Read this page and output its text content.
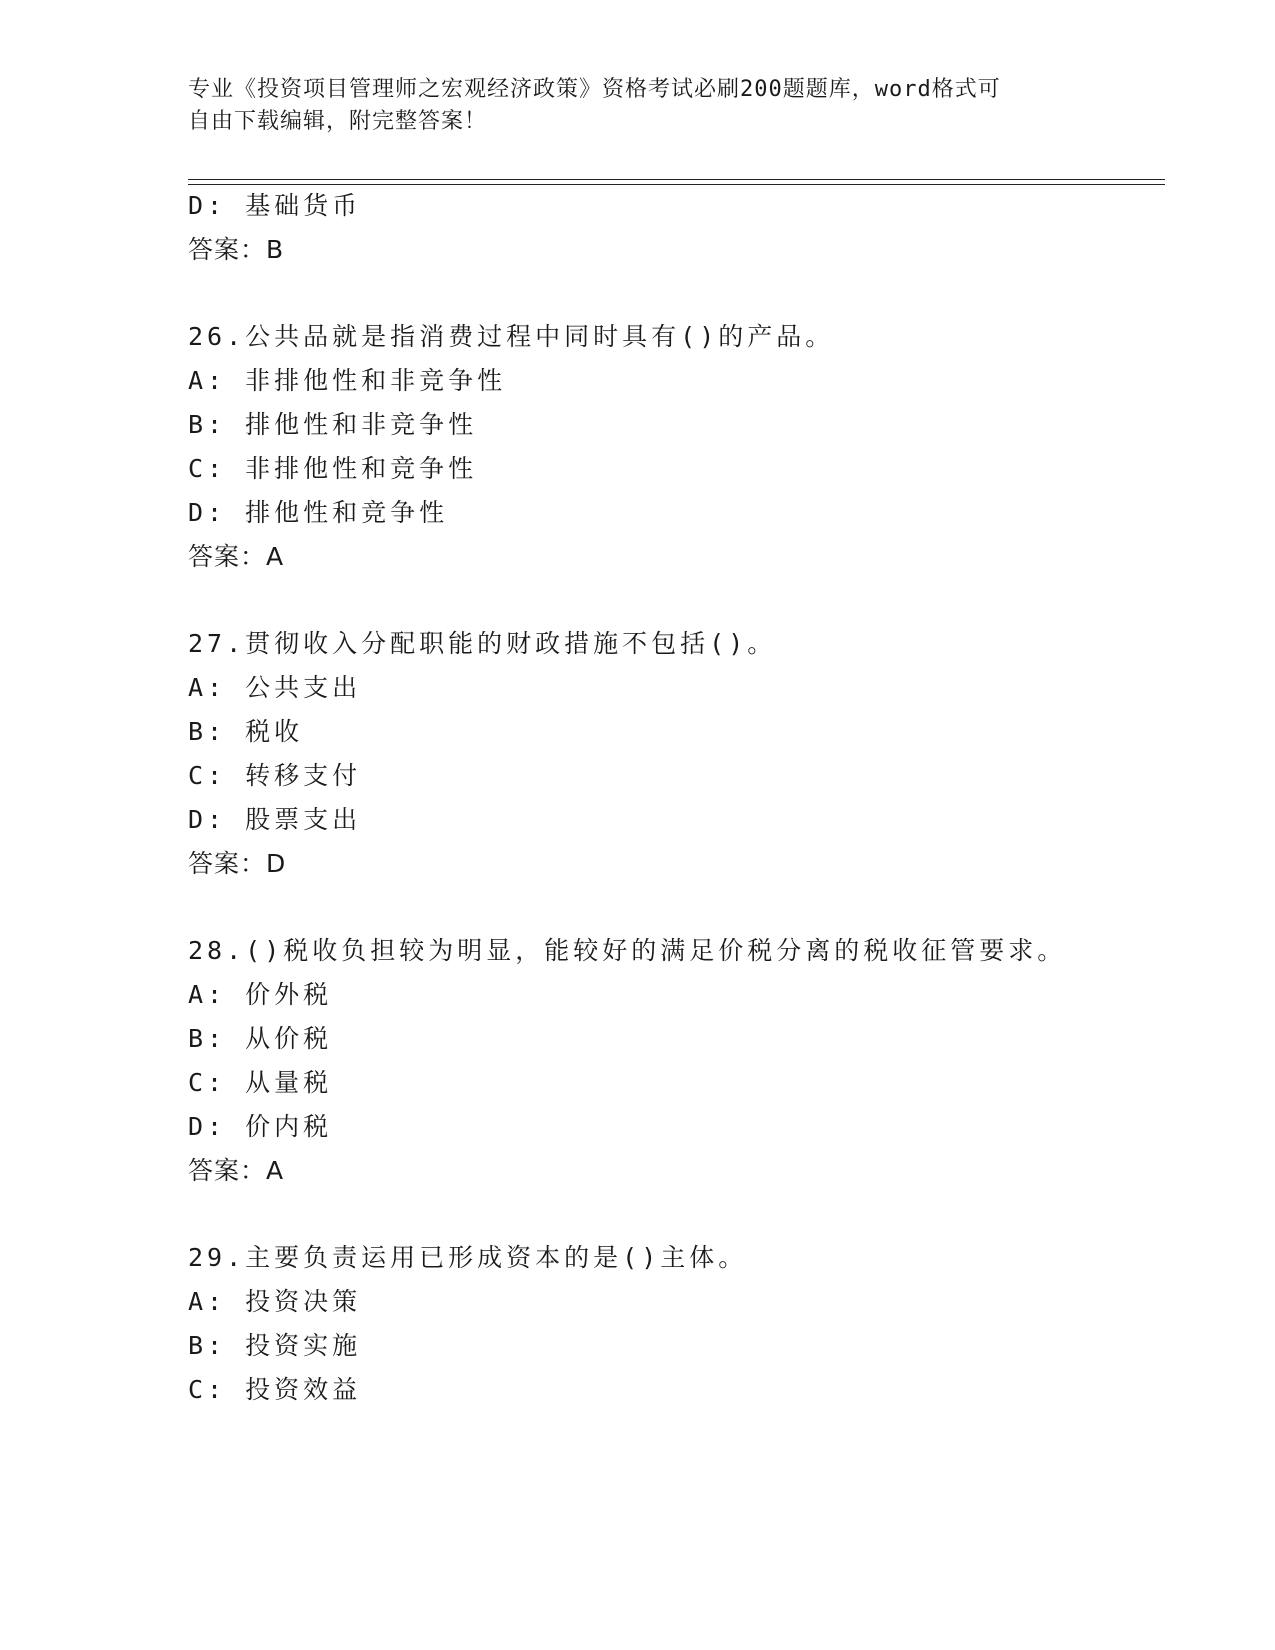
专业《投资项目管理师之宏观经济政策》资格考试必刷200题题库，word格式可
自由下载编辑，附完整答案！
D: 基础货币
答案：B
26.公共品就是指消费过程中同时具有()的产品。
A: 非排他性和非竞争性
B: 排他性和非竞争性
C: 非排他性和竞争性
D: 排他性和竞争性
答案：A
27.贯彻收入分配职能的财政措施不包括()。
A: 公共支出
B: 税收
C: 转移支付
D: 股票支出
答案：D
28.()税收负担较为明显，能较好的满足价税分离的税收征管要求。
A: 价外税
B: 从价税
C: 从量税
D: 价内税
答案：A
29.主要负责运用已形成资本的是()主体。
A: 投资决策
B: 投资实施
C: 投资效益
